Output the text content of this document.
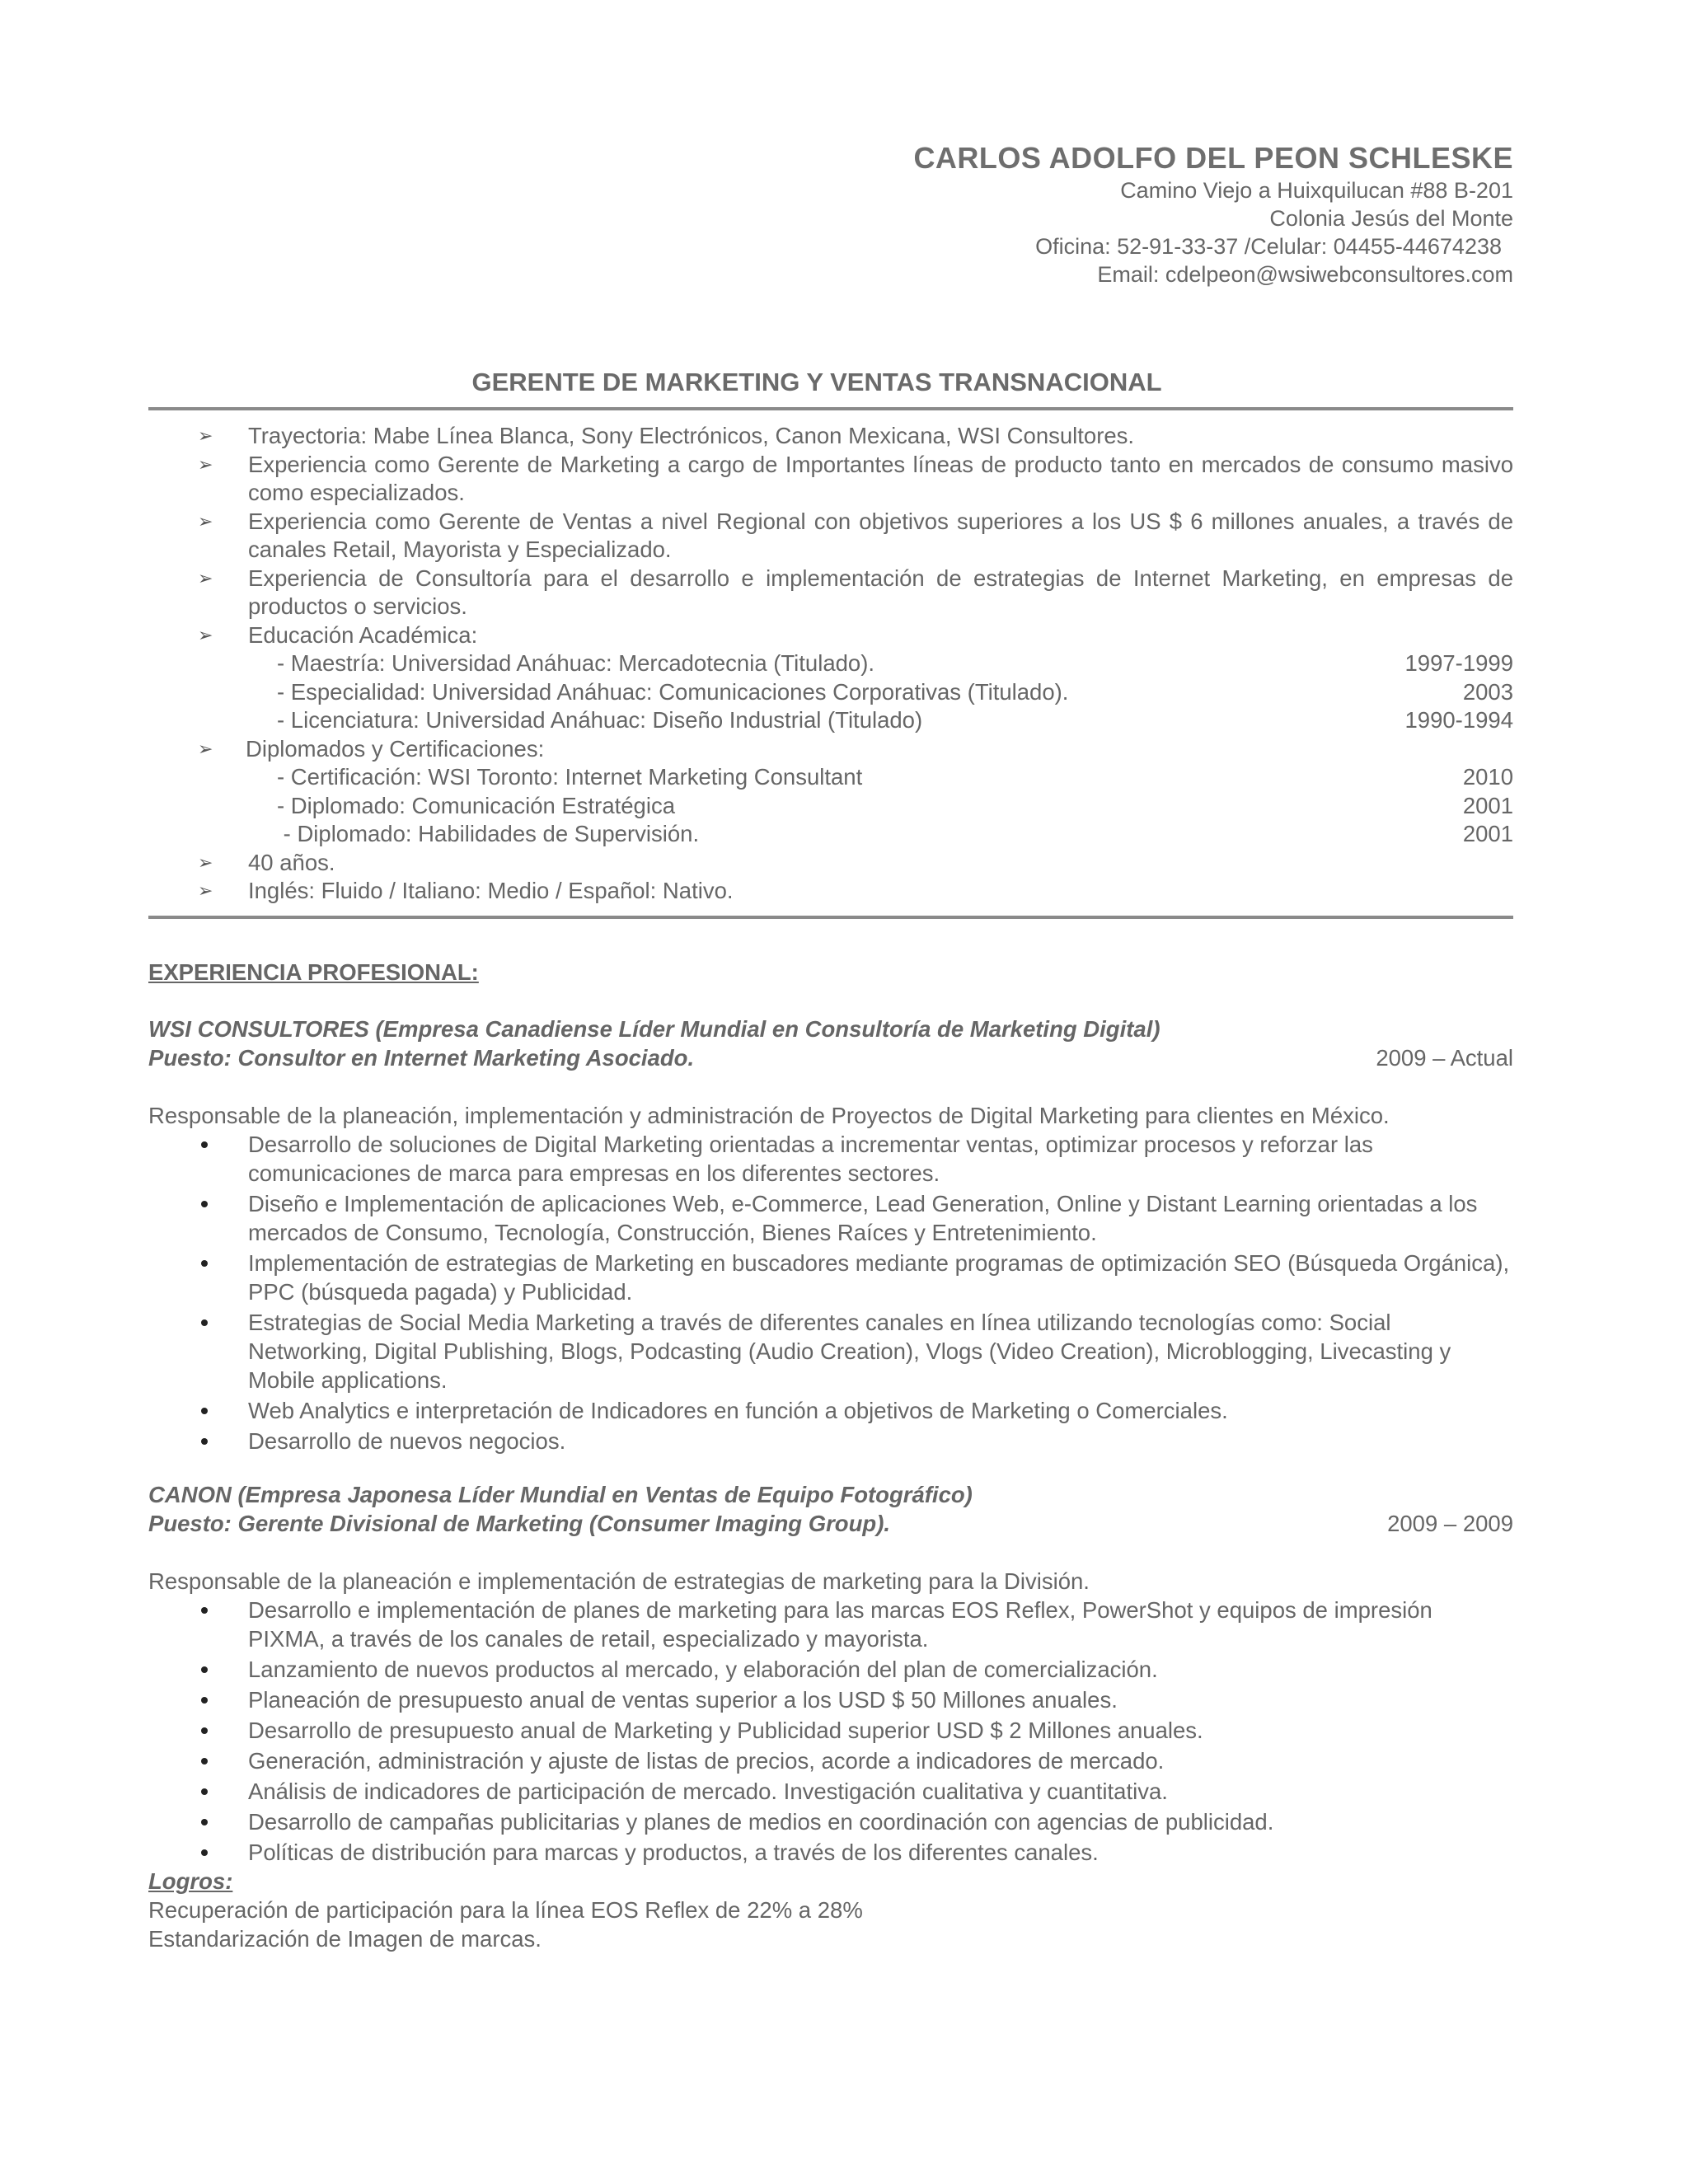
CARLOS ADOLFO DEL PEON SCHLESKE
Camino Viejo a Huixquilucan #88 B-201
Colonia Jesús del Monte
Oficina: 52-91-33-37 /Celular: 04455-44674238
Email: cdelpeon@wsiwebconsultores.com
GERENTE DE MARKETING Y VENTAS TRANSNACIONAL
➢ Trayectoria: Mabe Línea Blanca, Sony Electrónicos, Canon Mexicana, WSI Consultores.
➢ Experiencia como Gerente de Marketing a cargo de Importantes líneas de producto tanto en mercados de consumo masivo como especializados.
➢ Experiencia como Gerente de Ventas a nivel Regional con objetivos superiores a los US $ 6 millones anuales, a través de canales Retail, Mayorista y Especializado.
➢ Experiencia de Consultoría para el desarrollo e implementación de estrategias de Internet Marketing, en empresas de productos o servicios.
➢ Educación Académica:
- Maestría: Universidad Anáhuac: Mercadotecnia (Titulado).	1997-1999
- Especialidad: Universidad Anáhuac: Comunicaciones Corporativas (Titulado).	2003
- Licenciatura: Universidad Anáhuac: Diseño Industrial (Titulado)	1990-1994
➢ Diplomados y Certificaciones:
- Certificación: WSI Toronto: Internet Marketing Consultant	2010
- Diplomado: Comunicación Estratégica	2001
- Diplomado: Habilidades de Supervisión.	2001
➢ 40 años.
➢ Inglés: Fluido / Italiano: Medio / Español: Nativo.
EXPERIENCIA PROFESIONAL:
WSI CONSULTORES (Empresa Canadiense Líder Mundial en Consultoría de Marketing Digital)
Puesto: Consultor en Internet Marketing Asociado.	2009 – Actual
Responsable de la planeación, implementación y administración de Proyectos de Digital Marketing para clientes en México.
Desarrollo de soluciones de Digital Marketing orientadas a incrementar ventas, optimizar procesos y reforzar las comunicaciones de marca para empresas en los diferentes sectores.
Diseño e Implementación de aplicaciones Web, e-Commerce, Lead Generation, Online y Distant Learning orientadas a los mercados de Consumo, Tecnología, Construcción, Bienes Raíces y Entretenimiento.
Implementación de estrategias de Marketing en buscadores mediante programas de optimización SEO (Búsqueda Orgánica), PPC (búsqueda pagada) y Publicidad.
Estrategias de Social Media Marketing a través de diferentes canales en línea utilizando tecnologías como: Social Networking, Digital Publishing, Blogs, Podcasting (Audio Creation), Vlogs (Video Creation), Microblogging, Livecasting y Mobile applications.
Web Analytics e interpretación de Indicadores en función a objetivos de Marketing o Comerciales.
Desarrollo de nuevos negocios.
CANON (Empresa Japonesa Líder Mundial en Ventas de Equipo Fotográfico)
Puesto: Gerente Divisional de Marketing (Consumer Imaging Group).	2009 – 2009
Responsable de la planeación e implementación de estrategias de marketing para la División.
Desarrollo e implementación de planes de marketing para las marcas EOS Reflex, PowerShot y equipos de impresión PIXMA, a través de los canales de retail, especializado y mayorista.
Lanzamiento de nuevos productos al mercado, y elaboración del plan de comercialización.
Planeación de presupuesto anual de ventas superior a los USD $ 50 Millones anuales.
Desarrollo de presupuesto anual de Marketing y Publicidad superior USD $ 2 Millones anuales.
Generación, administración y ajuste de listas de precios, acorde a indicadores de mercado.
Análisis de indicadores de participación de mercado. Investigación cualitativa y cuantitativa.
Desarrollo de campañas publicitarias y planes de medios en coordinación con agencias de publicidad.
Políticas de distribución para marcas y productos, a través de los diferentes canales.
Logros:
Recuperación de participación para la línea EOS Reflex de 22% a 28%
Estandarización de Imagen de marcas.
